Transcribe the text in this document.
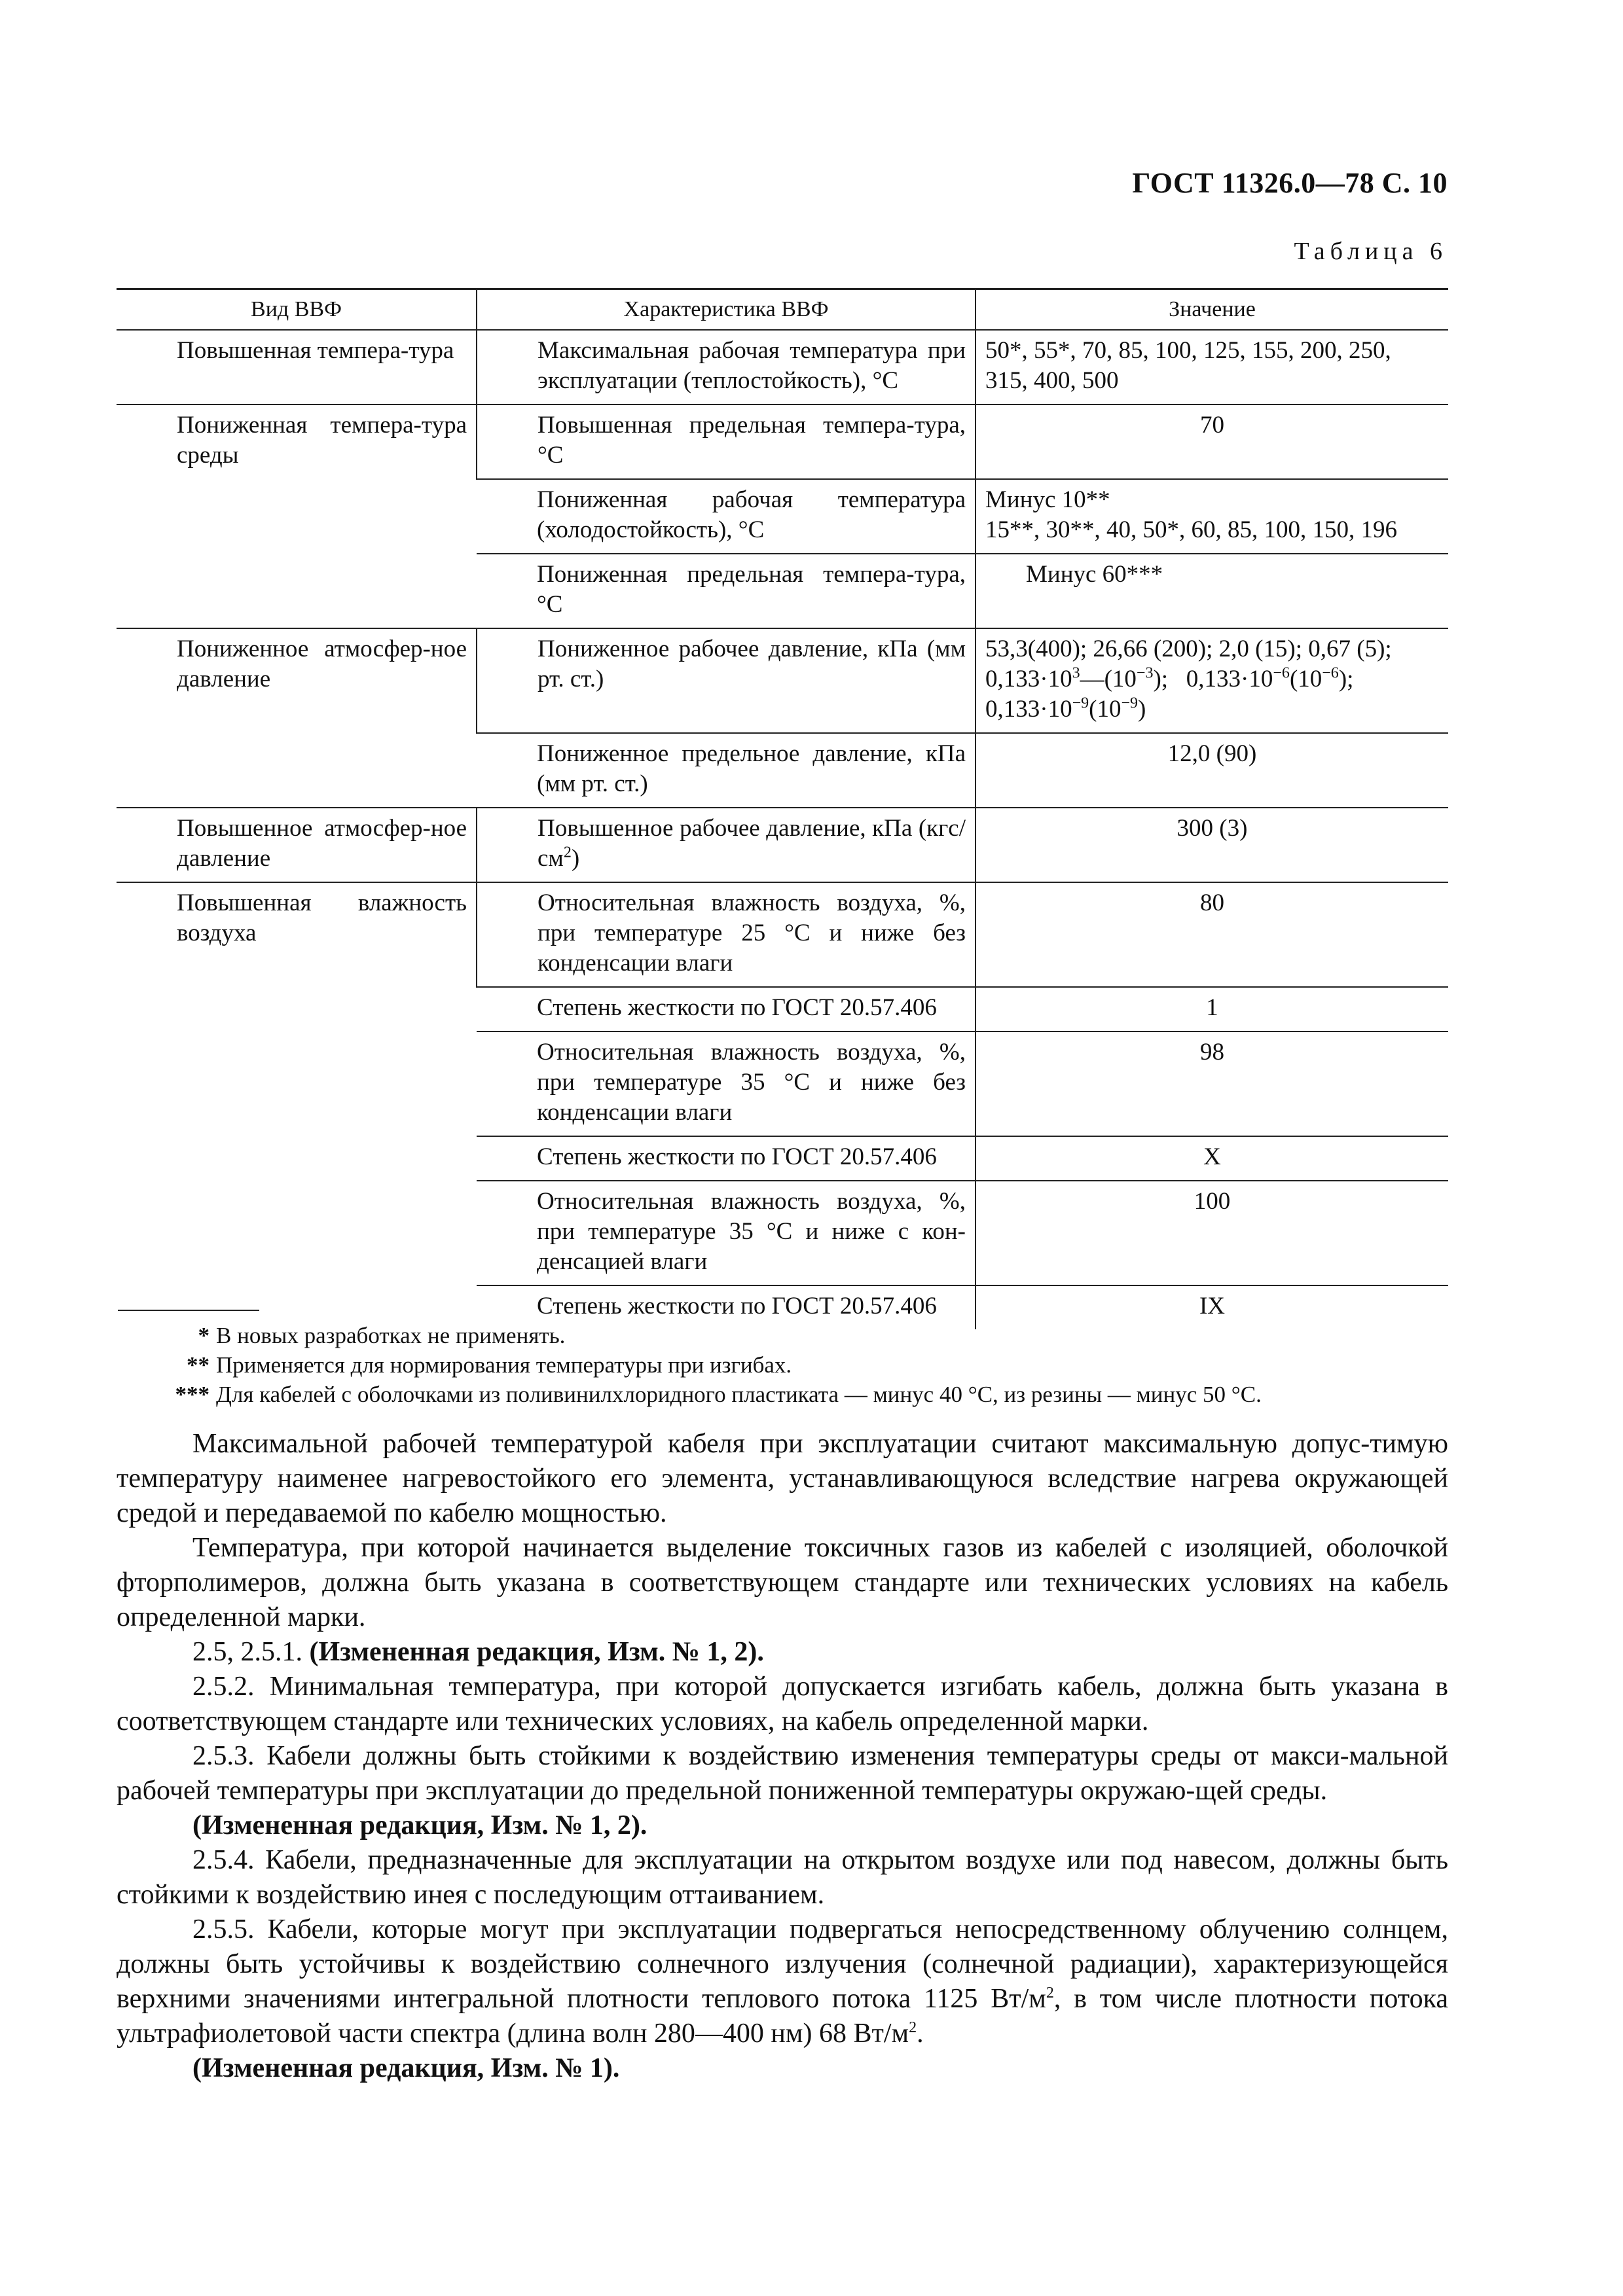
ГОСТ 11326.0—78 С. 10
Таблица 6
Вид ВВФ	Характеристика ВВФ	Значение

Повышенная темпера-тура	Максимальная рабочая температура при эксплуатации (теплостойкость), °С	50*, 55*, 70, 85, 100, 125, 155, 200, 250, 315, 400, 500

Пониженная темпера-тура среды	Повышенная предельная темпера-тура, °С	70

	Пониженная рабочая температура (холодостойкость), °С	Минус 10**
15**, 30**, 40, 50*, 60, 85, 100, 150, 196

	Пониженная предельная темпера-тура, °С	Минус 60***

Пониженное атмосфер-ное давление	Пониженное рабочее давление, кПа (мм рт. ст.)	53,3(400); 26,66 (200); 2,0 (15); 0,67 (5);
$0,133\cdot 10^3—(10^{-3})$;   $0,133\cdot 10^{-6}(10^{-6})$;
$0,133\cdot 10^{-9}(10^{-9})$

	Пониженное предельное давление, кПа (мм рт. ст.)	12,0 (90)

Повышенное атмосфер-ное давление	Повышенное рабочее давление, кПа $(кгс/см^2)$	300 (3)

Повышенная влажность воздуха	Относительная влажность воздуха, %, при температуре 25 °С и ниже без конденсации влаги	80

	Степень жесткости по ГОСТ 20.57.406	1

	Относительная влажность воздуха, %, при температуре 35 °С и ниже без конденсации влаги	98

	Степень жесткости по ГОСТ 20.57.406	X

	Относительная влажность воздуха, %, при температуре 35 °С и ниже с кон-денсацией влаги	100

	Степень жесткости по ГОСТ 20.57.406	IX
* В новых разработках не применять.
** Применяется для нормирования температуры при изгибах.
*** Для кабелей с оболочками из поливинилхлоридного пластиката — минус 40 °С, из резины — минус 50 °С.

Максимальной рабочей температурой кабеля при эксплуатации считают максимальную допус-тимую температуру наименее нагревостойкого его элемента, устанавливающуюся вследствие нагрева окружающей средой и передаваемой по кабелю мощностью.

Температура, при которой начинается выделение токсичных газов из кабелей с изоляцией, оболочкой фторполимеров, должна быть указана в соответствующем стандарте или технических условиях на кабель определенной марки.

2.5, 2.5.1. (Измененная редакция, Изм. № 1, 2).

2.5.2. Минимальная температура, при которой допускается изгибать кабель, должна быть указана в соответствующем стандарте или технических условиях, на кабель определенной марки.

2.5.3. Кабели должны быть стойкими к воздействию изменения температуры среды от макси-мальной рабочей температуры при эксплуатации до предельной пониженной температуры окружаю-щей среды.

(Измененная редакция, Изм. № 1, 2).

2.5.4. Кабели, предназначенные для эксплуатации на открытом воздухе или под навесом, должны быть стойкими к воздействию инея с последующим оттаиванием.

2.5.5. Кабели, которые могут при эксплуатации подвергаться непосредственному облучению солнцем, должны быть устойчивы к воздействию солнечного излучения (солнечной радиации), характеризующейся верхними значениями интегральной плотности теплового потока 1125 $Вт/м^2$, в том числе плотности потока ультрафиолетовой части спектра (длина волн 280—400 нм) 68 $Вт/м^2$.

(Измененная редакция, Изм. № 1).
